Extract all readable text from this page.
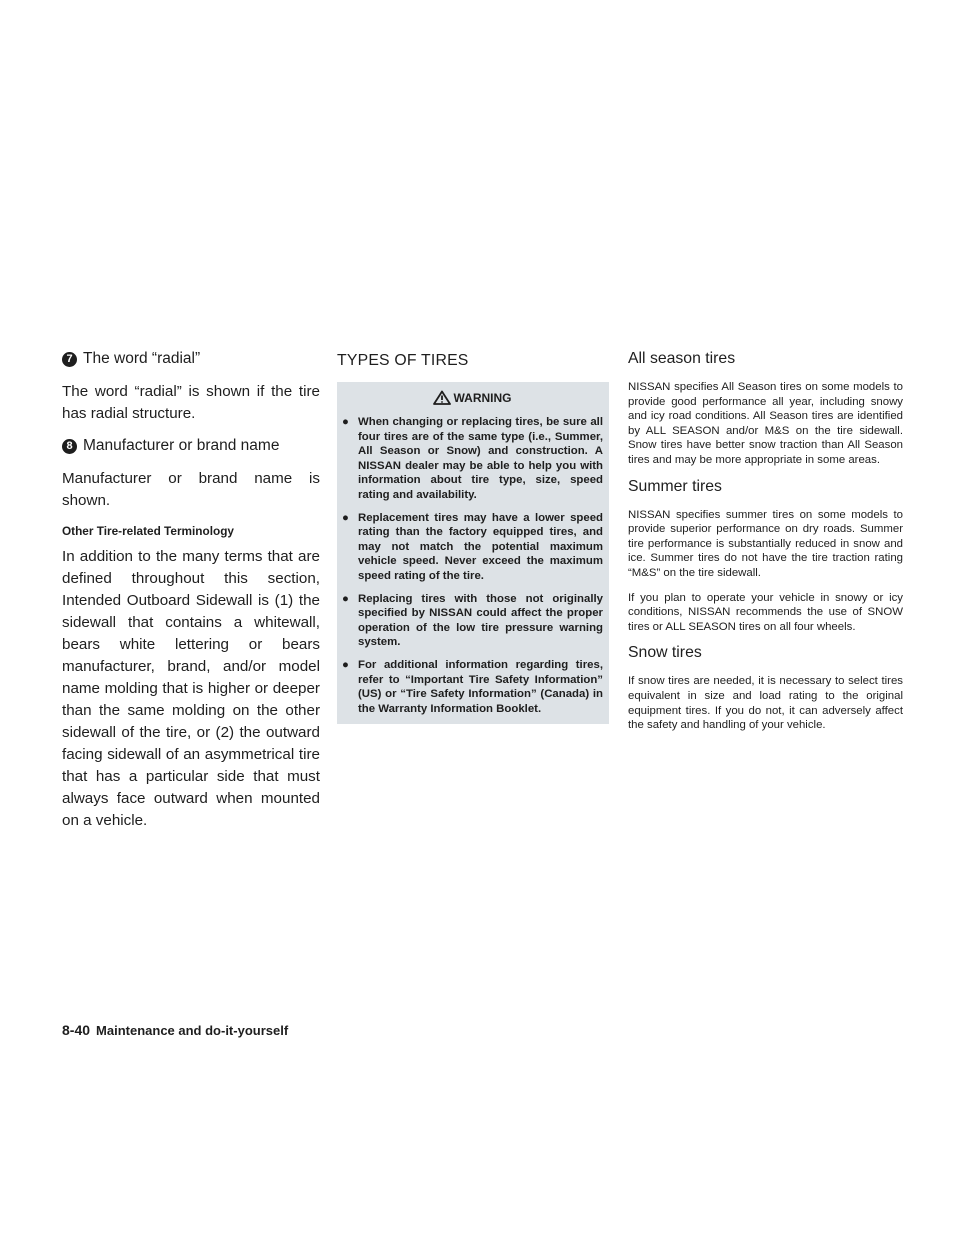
7 The word “radial”

The word “radial” is shown if the tire has radial structure.

8 Manufacturer or brand name

Manufacturer or brand name is shown.

Other Tire-related Terminology

In addition to the many terms that are defined throughout this section, Intended Outboard Sidewall is (1) the sidewall that contains a whitewall, bears white lettering or bears manufacturer, brand, and/or model name molding that is higher or deeper than the same molding on the other sidewall of the tire, or (2) the outward facing sidewall of an asymmetrical tire that has a particular side that must always face outward when mounted on a vehicle.

TYPES OF TIRES
WARNING
● When changing or replacing tires, be sure all four tires are of the same type (i.e., Summer, All Season or Snow) and construction. A NISSAN dealer may be able to help you with information about tire type, size, speed rating and availability.
● Replacement tires may have a lower speed rating than the factory equipped tires, and may not match the potential maximum vehicle speed. Never exceed the maximum speed rating of the tire.
● Replacing tires with those not originally specified by NISSAN could affect the proper operation of the low tire pressure warning system.
● For additional information regarding tires, refer to “Important Tire Safety Information” (US) or “Tire Safety Information” (Canada) in the Warranty Information Booklet.
All season tires

NISSAN specifies All Season tires on some models to provide good performance all year, including snowy and icy road conditions. All Season tires are identified by ALL SEASON and/or M&S on the tire sidewall. Snow tires have better snow traction than All Season tires and may be more appropriate in some areas.

Summer tires

NISSAN specifies summer tires on some models to provide superior performance on dry roads. Summer tire performance is substantially reduced in snow and ice. Summer tires do not have the tire traction rating “M&S” on the tire sidewall.

If you plan to operate your vehicle in snowy or icy conditions, NISSAN recommends the use of SNOW tires or ALL SEASON tires on all four wheels.

Snow tires

If snow tires are needed, it is necessary to select tires equivalent in size and load rating to the original equipment tires. If you do not, it can adversely affect the safety and handling of your vehicle.

8-40 Maintenance and do-it-yourself
